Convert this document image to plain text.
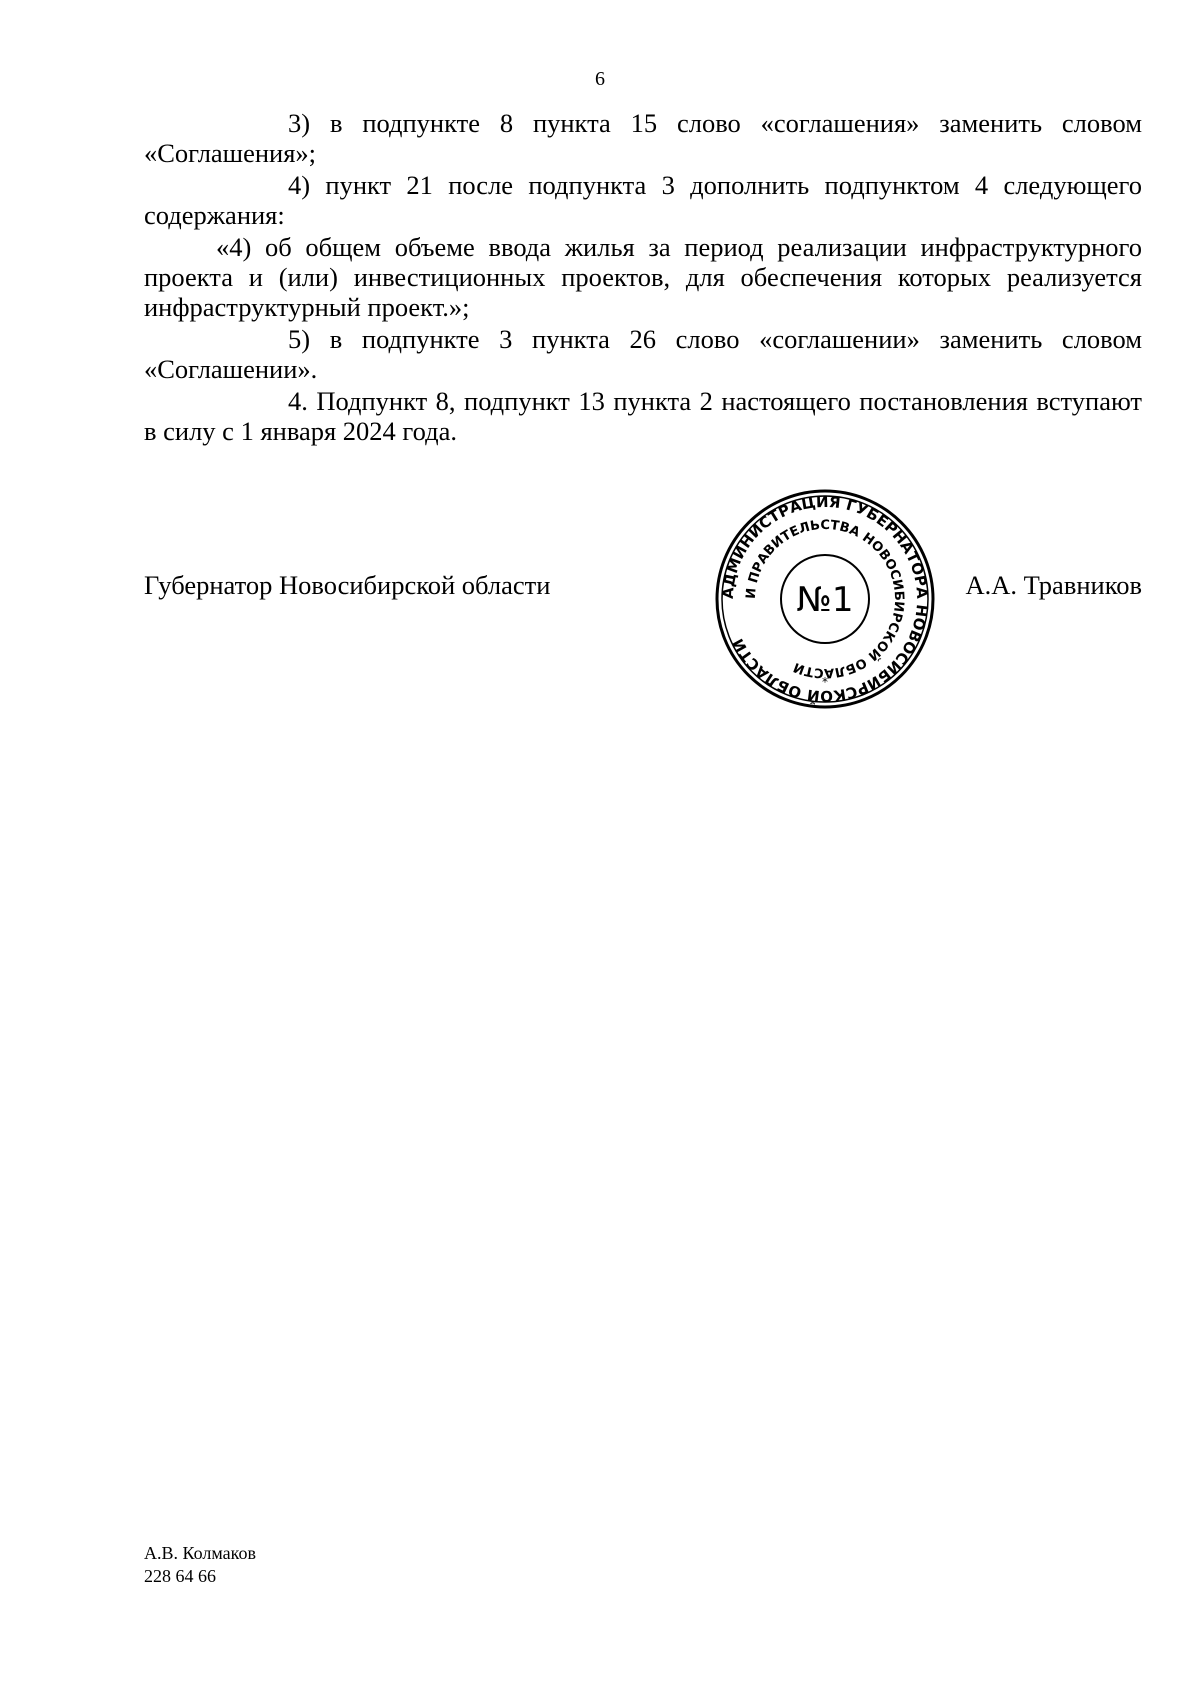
6

3) в подпункте 8 пункта 15 слово «соглашения» заменить словом «Соглашения»;

4) пункт 21 после подпункта 3 дополнить подпунктом 4 следующего содержания:

«4) об общем объеме ввода жилья за период реализации инфраструктурного проекта и (или) инвестиционных проектов, для обеспечения которых реализуется инфраструктурный проект.»;

5) в подпункте 3 пункта 26 слово «соглашении» заменить словом «Соглашении».

4. Подпункт 8, подпункт 13 пункта 2 настоящего постановления вступают в силу с 1 января 2024 года.

Губернатор Новосибирской области	А.А. Травников
АДМИНИСТРАЦИЯ ГУБЕРНАТОРА НОВОСИБИРСКОЙ ОБЛАСТИ
И ПРАВИТЕЛЬСТВА НОВОСИБИРСКОЙ ОБЛАСТИ
№1
*
А.В. Колмаков
228 64 66
